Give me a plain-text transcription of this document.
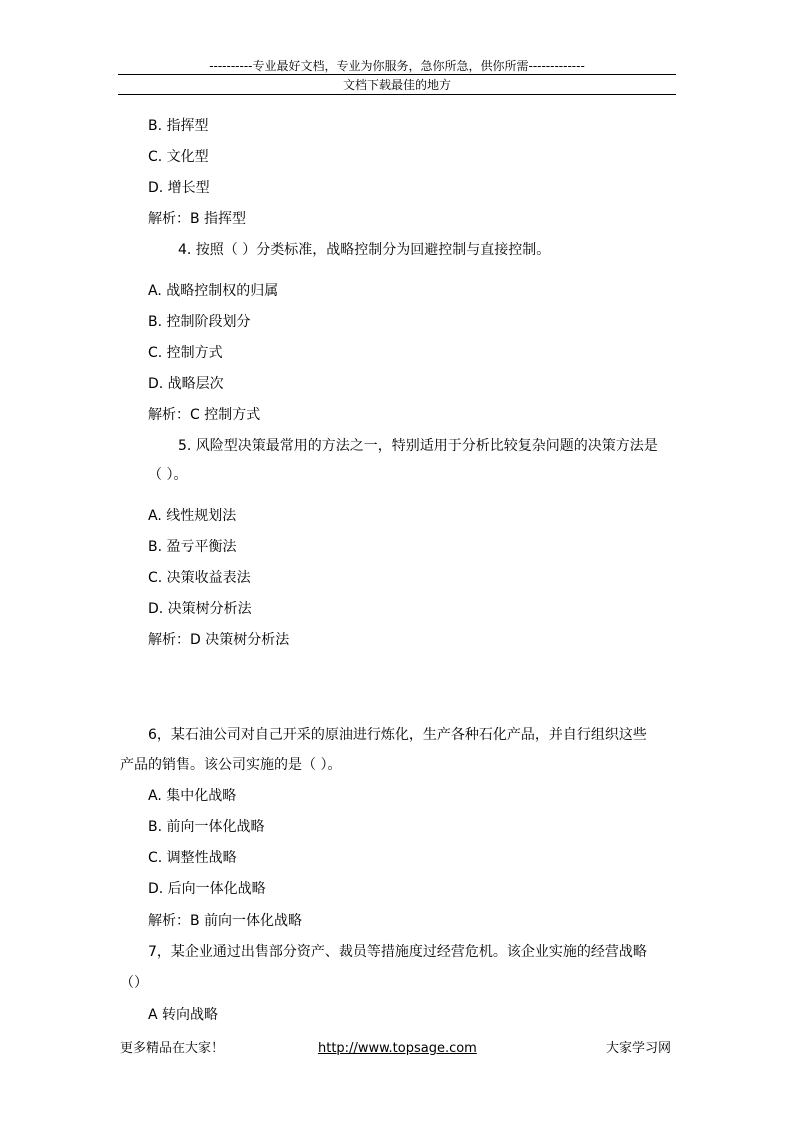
----------专业最好文档，专业为你服务，急你所急，供你所需-------------
文档下载最佳的地方
B. 指挥型
C. 文化型
D. 增长型
解析：B 指挥型
4. 按照（ ）分类标准，战略控制分为回避控制与直接控制。
A. 战略控制权的归属
B. 控制阶段划分
C. 控制方式
D. 战略层次
解析：C 控制方式
5. 风险型决策最常用的方法之一，特别适用于分析比较复杂问题的决策方法是
（ ）。
A. 线性规划法
B. 盈亏平衡法
C. 决策收益表法
D. 决策树分析法
解析：D 决策树分析法
6，某石油公司对自己开采的原油进行炼化，生产各种石化产品，并自行组织这些
产品的销售。该公司实施的是（ ）。
A. 集中化战略
B. 前向一体化战略
C. 调整性战略
D. 后向一体化战略
解析：B 前向一体化战略
7，某企业通过出售部分资产、裁员等措施度过经营危机。该企业实施的经营战略
（）
A 转向战略
更多精品在大家！	http://www.topsage.com	大家学习网
